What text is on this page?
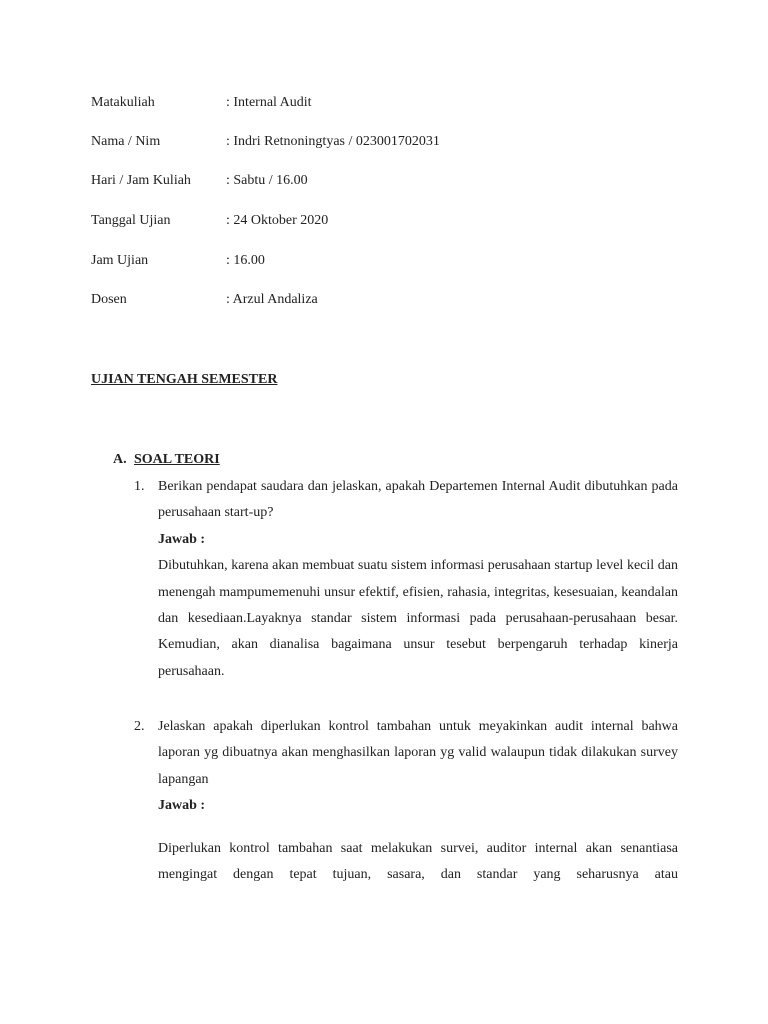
Matakuliah	: Internal Audit
Nama / Nim	: Indri Retnoningtyas / 023001702031
Hari / Jam Kuliah	: Sabtu / 16.00
Tanggal Ujian	: 24 Oktober 2020
Jam Ujian	: 16.00
Dosen	: Arzul Andaliza
UJIAN TENGAH SEMESTER
A. SOAL TEORI
1. Berikan pendapat saudara dan jelaskan, apakah Departemen Internal Audit dibutuhkan pada perusahaan start-up?

Jawab :

Dibutuhkan, karena akan membuat suatu sistem informasi perusahaan startup level kecil dan menengah mampumemenuhi unsur efektif, efisien, rahasia, integritas, kesesuaian, keandalan dan kesediaan.Layaknya standar sistem informasi pada perusahaan-perusahaan besar. Kemudian, akan dianalisa bagaimana unsur tesebut berpengaruh terhadap kinerja perusahaan.

2. Jelaskan apakah diperlukan kontrol tambahan untuk meyakinkan audit internal bahwa laporan yg dibuatnya akan menghasilkan laporan yg valid walaupun tidak dilakukan survey lapangan

Jawab :

Diperlukan kontrol tambahan saat melakukan survei, auditor internal akan senantiasa mengingat dengan tepat tujuan, sasara, dan standar yang seharusnya atau
